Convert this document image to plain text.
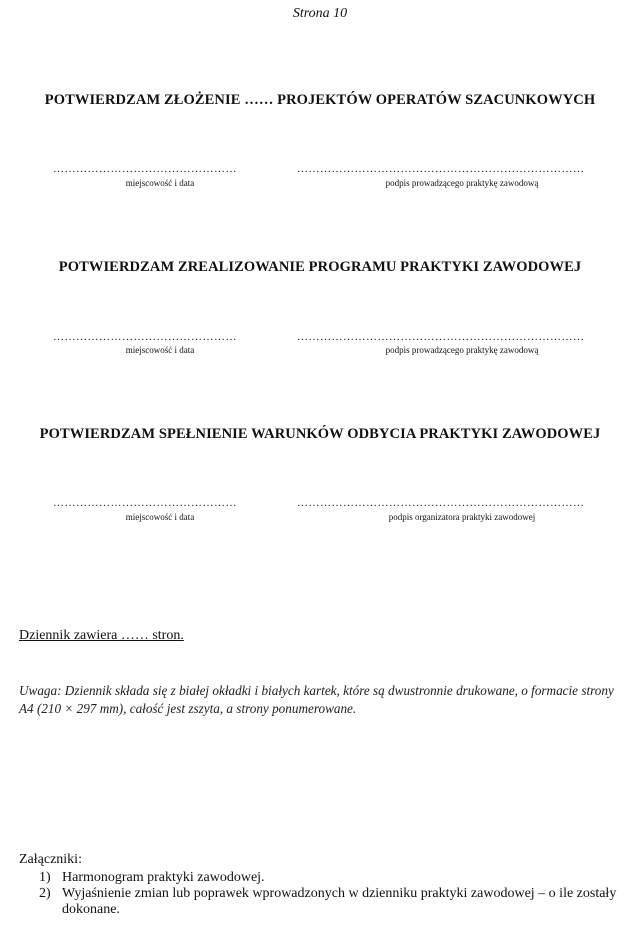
Strona 10
POTWIERDZAM ZŁOŻENIE …… PROJEKTÓW OPERATÓW SZACUNKOWYCH
…………………………………………	…………………………………………………………………
miejscowość i data	podpis prowadzącego praktykę zawodową
POTWIERDZAM ZREALIZOWANIE PROGRAMU PRAKTYKI ZAWODOWEJ
…………………………………………	…………………………………………………………………
miejscowość i data	podpis prowadzącego praktykę zawodową
POTWIERDZAM SPEŁNIENIE WARUNKÓW ODBYCIA PRAKTYKI ZAWODOWEJ
…………………………………………	…………………………………………………………………
miejscowość i data	podpis organizatora praktyki zawodowej
Dziennik zawiera …… stron.
Uwaga: Dziennik składa się z białej okładki i białych kartek, które są dwustronnie drukowane, o formacie strony A4 (210 × 297 mm), całość jest zszyta, a strony ponumerowane.
Załączniki:
1) Harmonogram praktyki zawodowej.
2) Wyjaśnienie zmian lub poprawek wprowadzonych w dzienniku praktyki zawodowej – o ile zostały dokonane.
